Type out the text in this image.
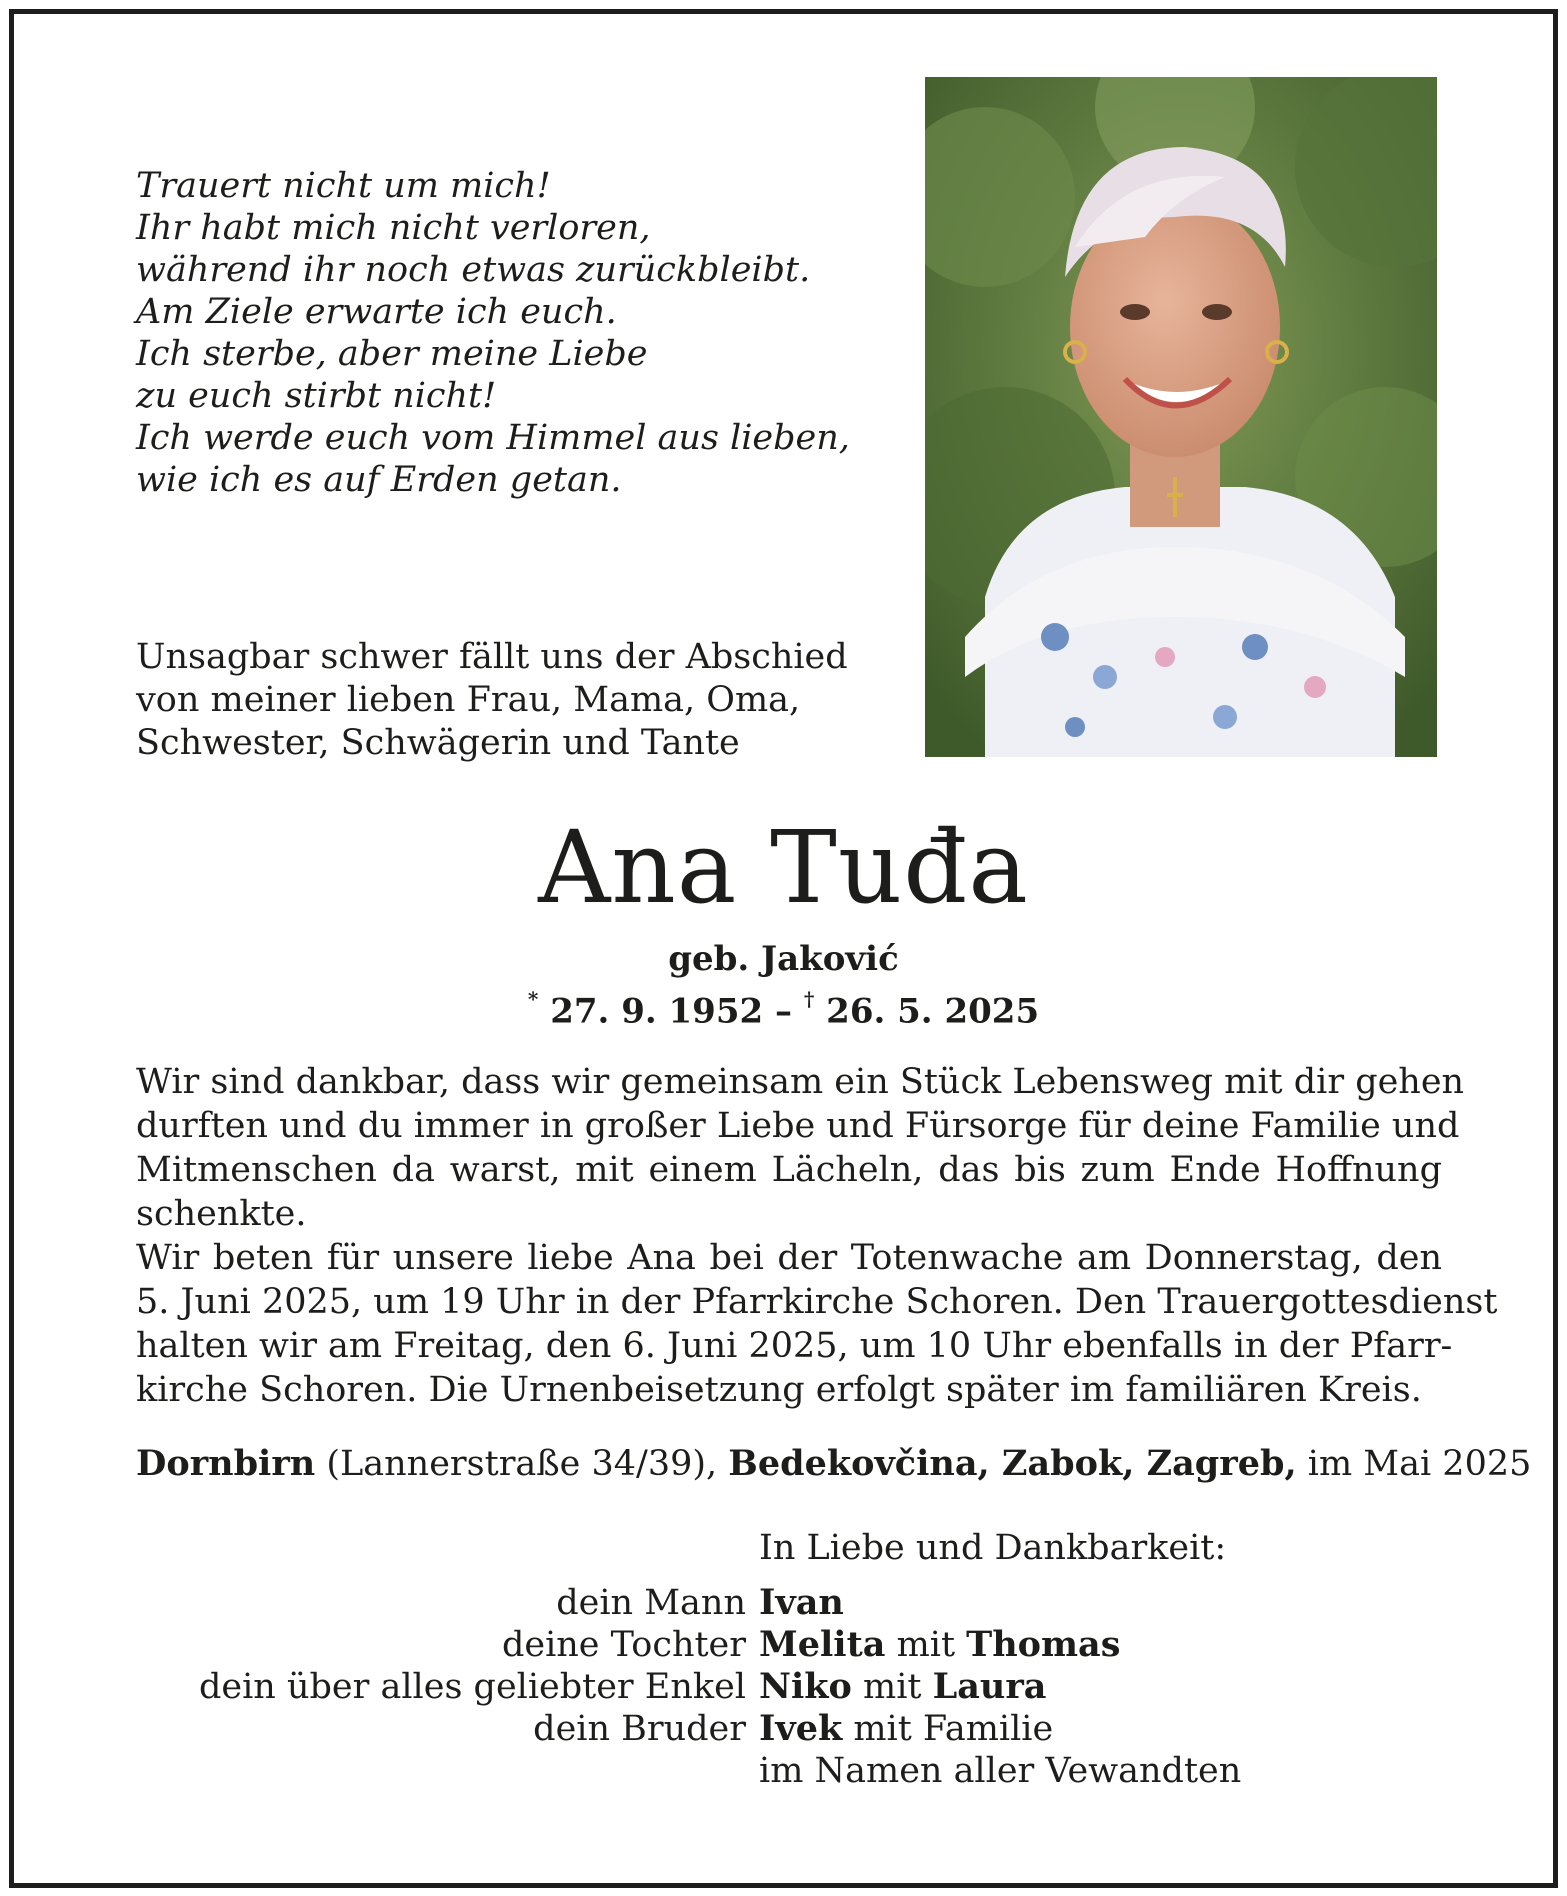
Trauert nicht um mich!
Ihr habt mich nicht verloren,
während ihr noch etwas zurückbleibt.
Am Ziele erwarte ich euch.
Ich sterbe, aber meine Liebe
zu euch stirbt nicht!
Ich werde euch vom Himmel aus lieben,
wie ich es auf Erden getan.
Unsagbar schwer fällt uns der Abschied
von meiner lieben Frau, Mama, Oma,
Schwester, Schwägerin und Tante
Ana Tuđa
geb. Jaković
* 27. 9. 1952 – † 26. 5. 2025
Wir sind dankbar, dass wir gemeinsam ein Stück Lebensweg mit dir gehen
durften und du immer in großer Liebe und Fürsorge für deine Familie und
Mitmenschen da warst, mit einem Lächeln, das bis zum Ende Hoffnung
schenkte.
Wir beten für unsere liebe Ana bei der Totenwache am Donnerstag, den
5. Juni 2025, um 19 Uhr in der Pfarrkirche Schoren. Den Trauergottesdienst
halten wir am Freitag, den 6. Juni 2025, um 10 Uhr ebenfalls in der Pfarr-
kirche Schoren. Die Urnenbeisetzung erfolgt später im familiären Kreis.
Dornbirn (Lannerstraße 34/39), Bedekovčina, Zabok, Zagreb, im Mai 2025
In Liebe und Dankbarkeit:
dein Mann Ivan
deine Tochter Melita mit Thomas
dein über alles geliebter Enkel Niko mit Laura
dein Bruder Ivek mit Familie
im Namen aller Vewandten
